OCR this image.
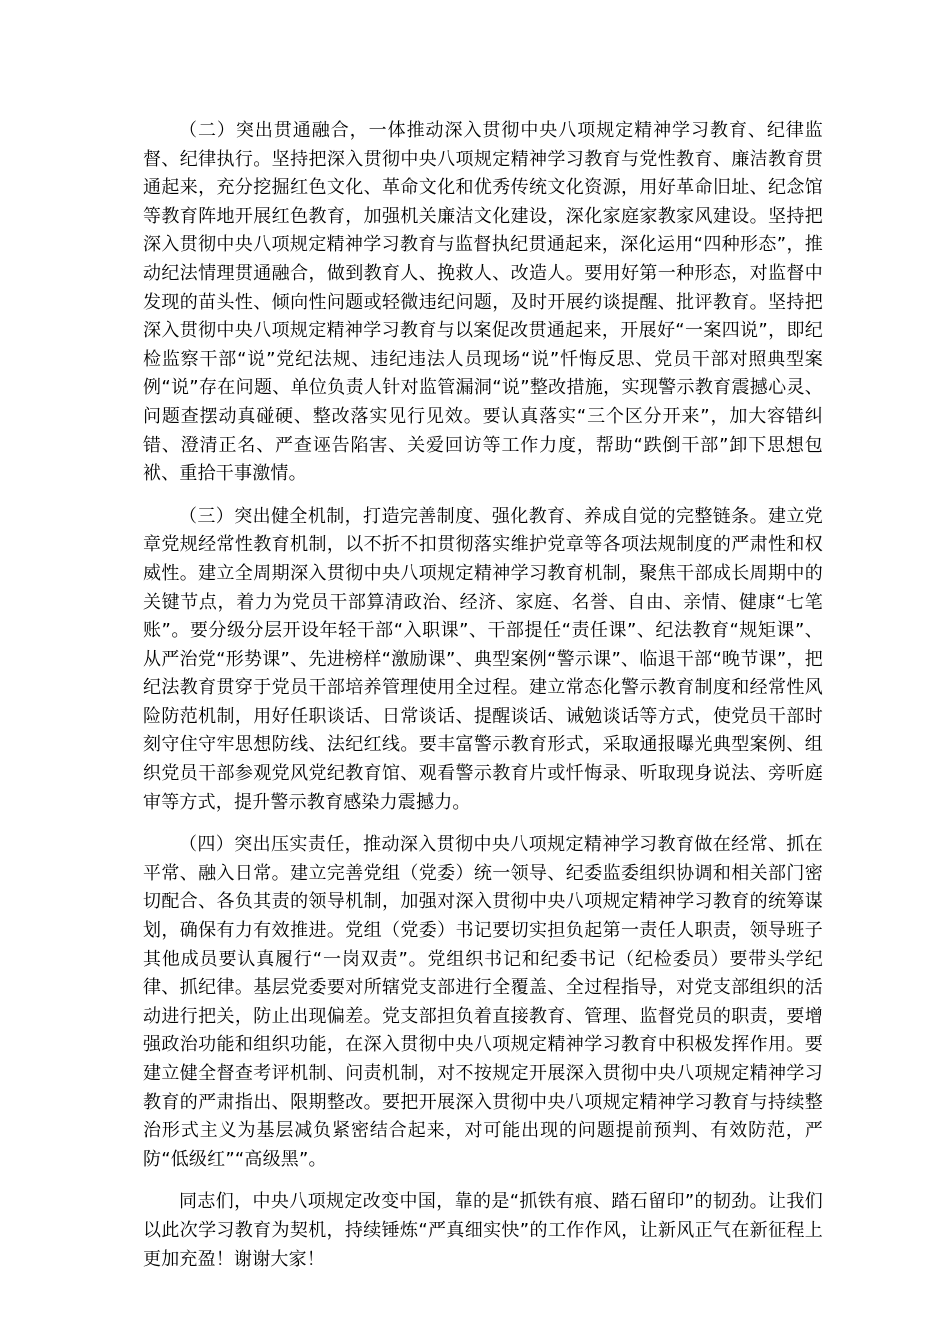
（二）突出贯通融合，一体推动深入贯彻中央八项规定精神学习教育、纪律监督、纪律执行。坚持把深入贯彻中央八项规定精神学习教育与党性教育、廉洁教育贯通起来，充分挖掘红色文化、革命文化和优秀传统文化资源，用好革命旧址、纪念馆等教育阵地开展红色教育，加强机关廉洁文化建设，深化家庭家教家风建设。坚持把深入贯彻中央八项规定精神学习教育与监督执纪贯通起来，深化运用“四种形态”，推动纪法情理贯通融合，做到教育人、挽救人、改造人。要用好第一种形态，对监督中发现的苗头性、倾向性问题或轻微违纪问题，及时开展约谈提醒、批评教育。坚持把深入贯彻中央八项规定精神学习教育与以案促改贯通起来，开展好“一案四说”，即纪检监察干部“说”党纪法规、违纪违法人员现场“说”忏悔反思、党员干部对照典型案例“说”存在问题、单位负责人针对监管漏洞“说”整改措施，实现警示教育震撼心灵、问题查摆动真碰硬、整改落实见行见效。要认真落实“三个区分开来”，加大容错纠错、澄清正名、严查诬告陷害、关爱回访等工作力度，帮助“跌倒干部”卸下思想包袱、重拾干事激情。

（三）突出健全机制，打造完善制度、强化教育、养成自觉的完整链条。建立党章党规经常性教育机制，以不折不扣贯彻落实维护党章等各项法规制度的严肃性和权威性。建立全周期深入贯彻中央八项规定精神学习教育机制，聚焦干部成长周期中的关键节点，着力为党员干部算清政治、经济、家庭、名誉、自由、亲情、健康“七笔账”。要分级分层开设年轻干部“入职课”、干部提任“责任课”、纪法教育“规矩课”、从严治党“形势课”、先进榜样“激励课”、典型案例“警示课”、临退干部“晚节课”，把纪法教育贯穿于党员干部培养管理使用全过程。建立常态化警示教育制度和经常性风险防范机制，用好任职谈话、日常谈话、提醒谈话、诫勉谈话等方式，使党员干部时刻守住守牢思想防线、法纪红线。要丰富警示教育形式，采取通报曝光典型案例、组织党员干部参观党风党纪教育馆、观看警示教育片或忏悔录、听取现身说法、旁听庭审等方式，提升警示教育感染力震撼力。

（四）突出压实责任，推动深入贯彻中央八项规定精神学习教育做在经常、抓在平常、融入日常。建立完善党组（党委）统一领导、纪委监委组织协调和相关部门密切配合、各负其责的领导机制，加强对深入贯彻中央八项规定精神学习教育的统筹谋划，确保有力有效推进。党组（党委）书记要切实担负起第一责任人职责，领导班子其他成员要认真履行“一岗双责”。党组织书记和纪委书记（纪检委员）要带头学纪律、抓纪律。基层党委要对所辖党支部进行全覆盖、全过程指导，对党支部组织的活动进行把关，防止出现偏差。党支部担负着直接教育、管理、监督党员的职责，要增强政治功能和组织功能，在深入贯彻中央八项规定精神学习教育中积极发挥作用。要建立健全督查考评机制、问责机制，对不按规定开展深入贯彻中央八项规定精神学习教育的严肃指出、限期整改。要把开展深入贯彻中央八项规定精神学习教育与持续整治形式主义为基层减负紧密结合起来，对可能出现的问题提前预判、有效防范，严防“低级红”“高级黑”。

同志们，中央八项规定改变中国，靠的是“抓铁有痕、踏石留印”的韧劲。让我们以此次学习教育为契机，持续锤炼“严真细实快”的工作作风，让新风正气在新征程上更加充盈！谢谢大家！
